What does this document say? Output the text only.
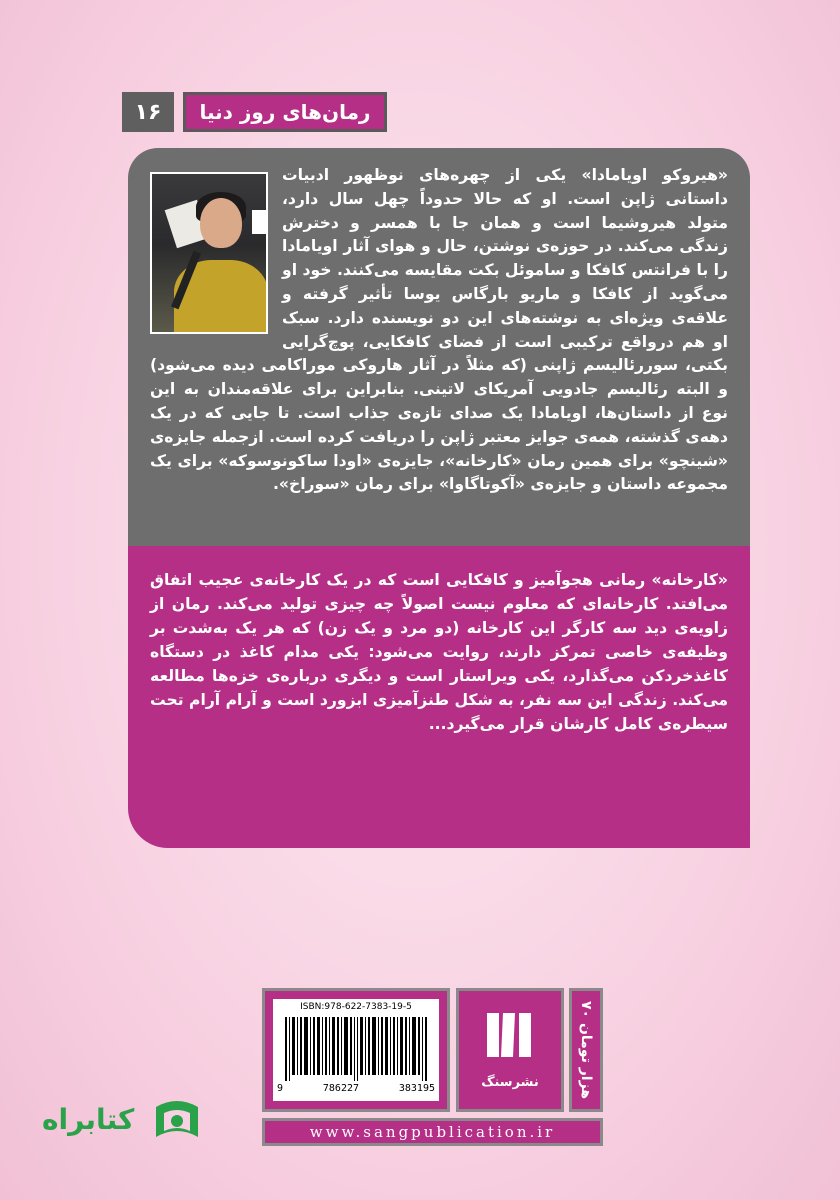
۱۶ رمان‌های روز دنیا

«هیروکو اویامادا» یکی از چهره‌های نوظهور ادبیات داستانی ژاپن است. او که حالا حدوداً چهل سال دارد، متولد هیروشیما است و همان جا با همسر و دخترش زندگی می‌کند. در حوزه‌ی نوشتن، حال و هوای آثار اویامادا را با فرانتس کافکا و ساموئل بکت مقایسه می‌کنند. خود او می‌گوید از کافکا و ماریو بارگاس یوسا تأثیر گرفته و علاقه‌ی ویژه‌ای به نوشته‌های این دو نویسنده دارد. سبک او هم درواقع ترکیبی است از فضای کافکایی، پوچ‌گرایی بکتی، سوررئالیسم ژاپنی (که مثلاً در آثار هاروکی موراکامی دیده می‌شود) و البته رئالیسم جادویی آمریکای لاتینی. بنابراین برای علاقه‌مندان به این نوع از داستان‌ها، اویامادا یک صدای تازه‌ی جذاب است. تا جایی که در یک دهه‌ی گذشته، همه‌ی جوایز معتبر ژاپن را دریافت کرده است. ازجمله جایزه‌ی «شینچو» برای همین رمان «کارخانه»، جایزه‌ی «اودا ساکونوسوکه» برای یک مجموعه داستان و جایزه‌ی «آکوتاگاوا» برای رمان «سوراخ».

«کارخانه» رمانی هجوآمیز و کافکایی است که در یک کارخانه‌ی عجیب اتفاق می‌افتد. کارخانه‌ای که معلوم نیست اصولاً چه چیزی تولید می‌کند. رمان از زاویه‌ی دید سه کارگر این کارخانه (دو مرد و یک زن) که هر یک به‌شدت بر وظیفه‌ی خاصی تمرکز دارند، روایت می‌شود: یکی مدام کاغذ در دستگاه کاغذخردکن می‌گذارد، یکی ویراستار است و دیگری درباره‌ی خزه‌ها مطالعه می‌کند. زندگی این سه نفر، به شکل طنزآمیزی ابزورد است و آرام آرام تحت سیطره‌ی کامل کارشان قرار می‌گیرد...

ISBN:978-622-7383-19-5
9	786227	383195	نشرسنگ
۷۰ هزار تومان
www.sangpublication.ir
کتابراه
